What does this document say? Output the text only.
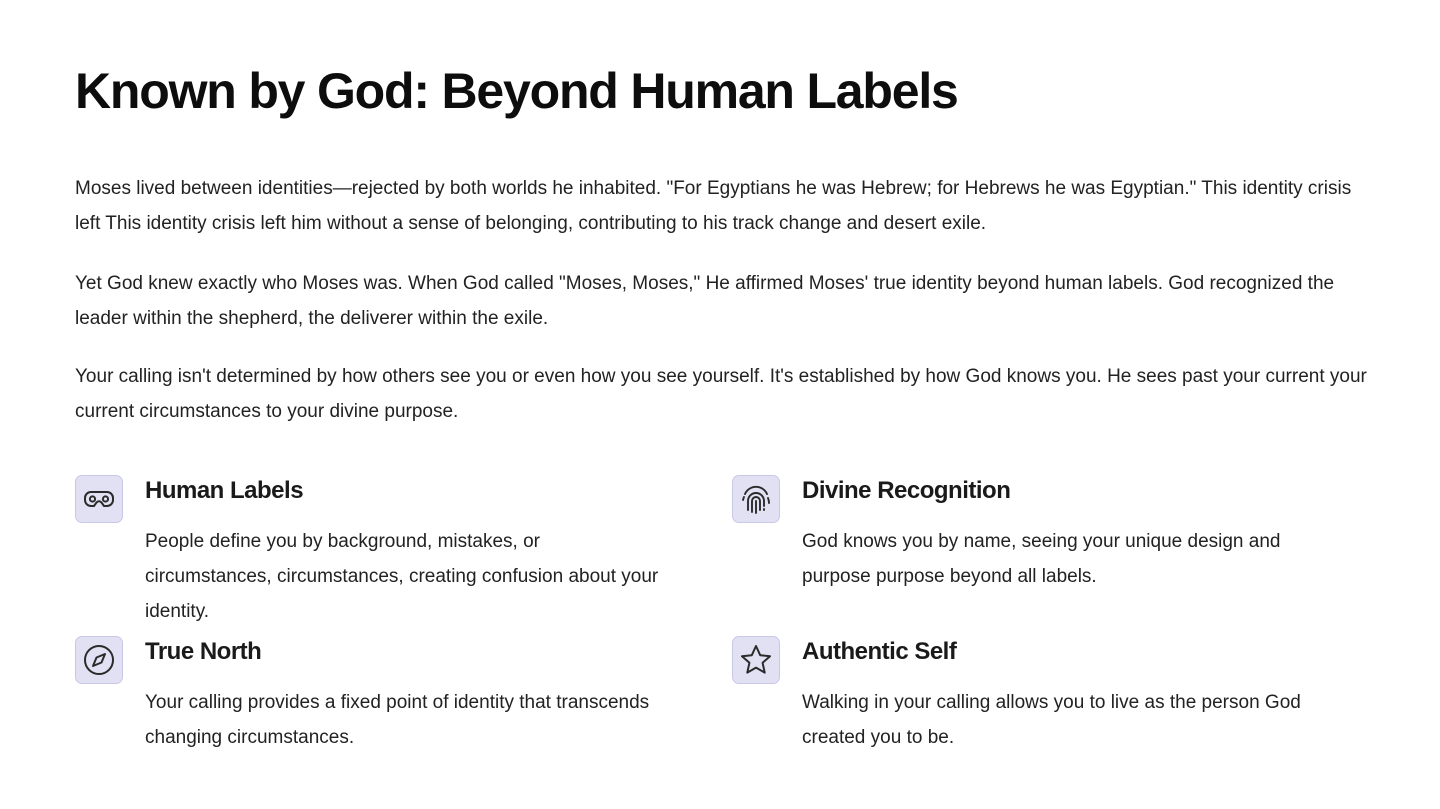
Known by God: Beyond Human Labels

Moses lived between identities—rejected by both worlds he inhabited. "For Egyptians he was Hebrew; for Hebrews he was Egyptian." This identity crisis left This identity crisis left him without a sense of belonging, contributing to his track change and desert exile.

Yet God knew exactly who Moses was. When God called "Moses, Moses," He affirmed Moses' true identity beyond human labels. God recognized the leader within the shepherd, the deliverer within the exile.

Your calling isn't determined by how others see you or even how you see yourself. It's established by how God knows you. He sees past your current your current circumstances to your divine purpose.

Human Labels

People define you by background, mistakes, or circumstances, circumstances, creating confusion about your identity.

Divine Recognition

God knows you by name, seeing your unique design and purpose purpose beyond all labels.

True North

Your calling provides a fixed point of identity that transcends changing circumstances.

Authentic Self

Walking in your calling allows you to live as the person God created you to be.
